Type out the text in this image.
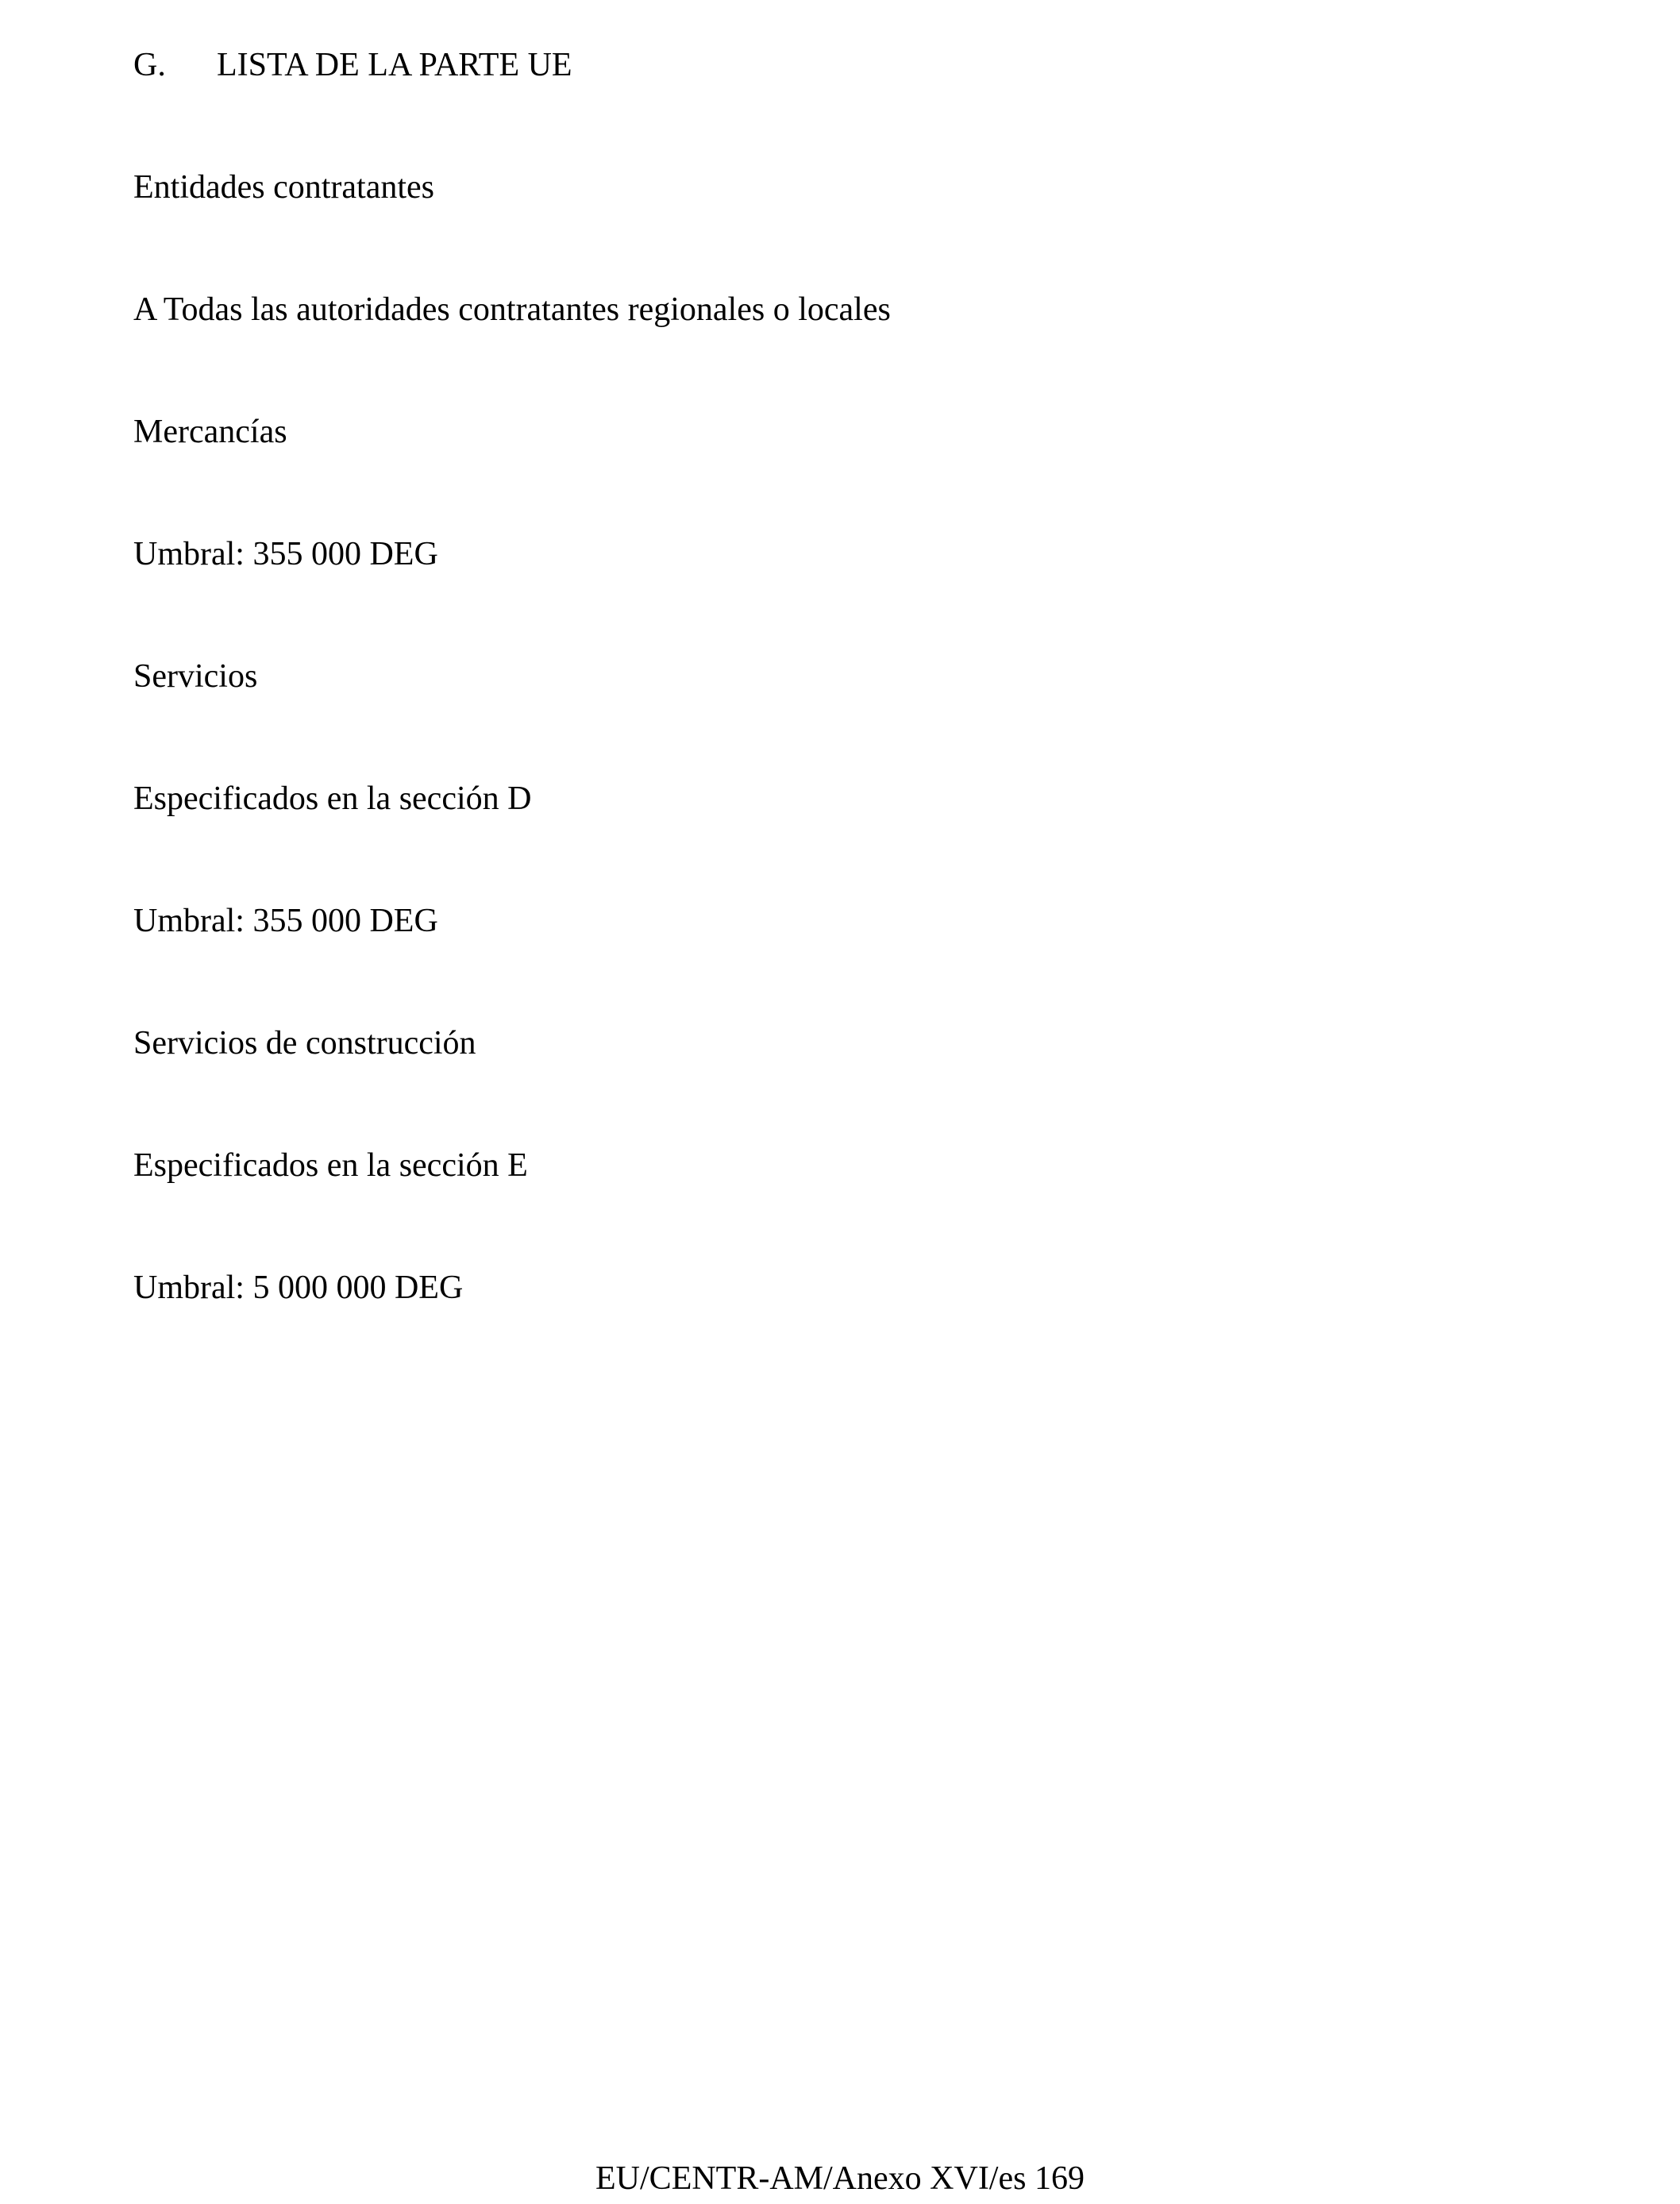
G. LISTA DE LA PARTE UE
Entidades contratantes
A Todas las autoridades contratantes regionales o locales
Mercancías
Umbral: 355 000 DEG
Servicios
Especificados en la sección D
Umbral: 355 000 DEG
Servicios de construcción
Especificados en la sección E
Umbral: 5 000 000 DEG
EU/CENTR-AM/Anexo XVI/es 169
